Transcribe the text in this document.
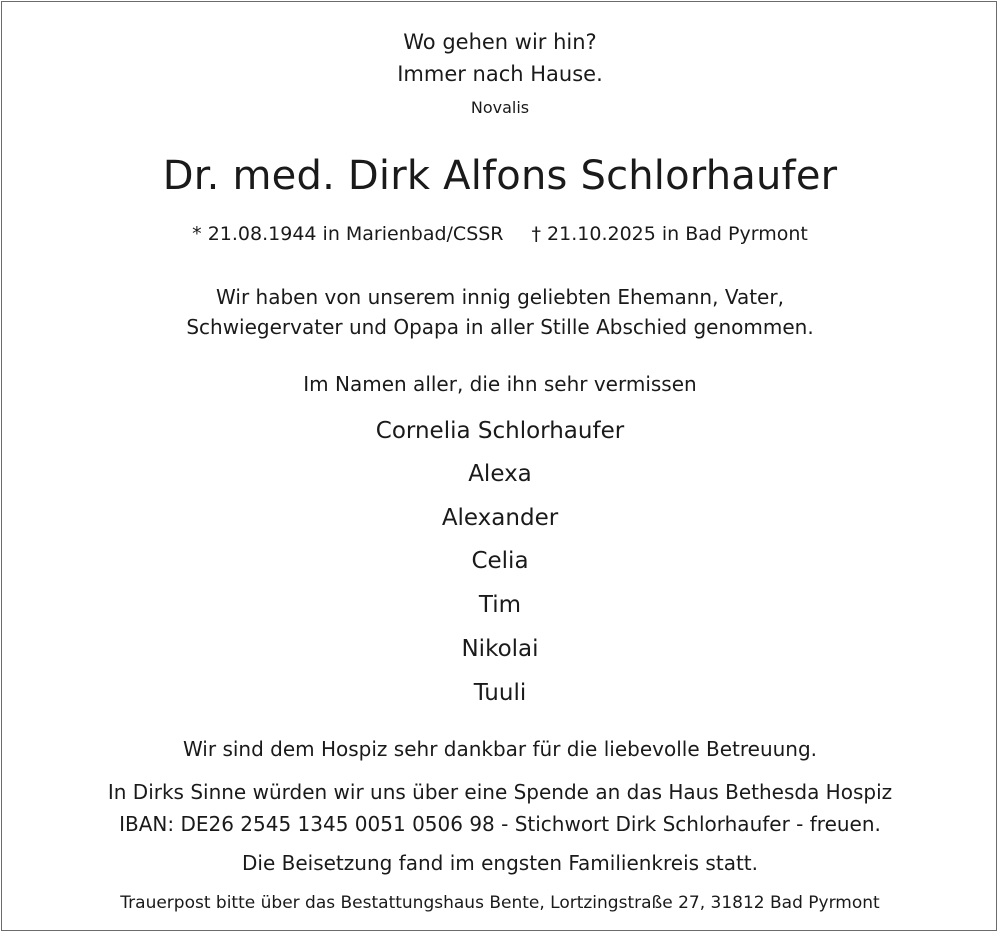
Wo gehen wir hin?
Immer nach Hause.
Novalis
Dr. med. Dirk Alfons Schlorhaufer
* 21.08.1944 in Marienbad/CSSR † 21.10.2025 in Bad Pyrmont
Wir haben von unserem innig geliebten Ehemann, Vater,
Schwiegervater und Opapa in aller Stille Abschied genommen.
Im Namen aller, die ihn sehr vermissen
Cornelia Schlorhaufer
Alexa
Alexander
Celia
Tim
Nikolai
Tuuli
Wir sind dem Hospiz sehr dankbar für die liebevolle Betreuung.
In Dirks Sinne würden wir uns über eine Spende an das Haus Bethesda Hospiz
IBAN: DE26 2545 1345 0051 0506 98 - Stichwort Dirk Schlorhaufer - freuen.
Die Beisetzung fand im engsten Familienkreis statt.
Trauerpost bitte über das Bestattungshaus Bente, Lortzingstraße 27, 31812 Bad Pyrmont
